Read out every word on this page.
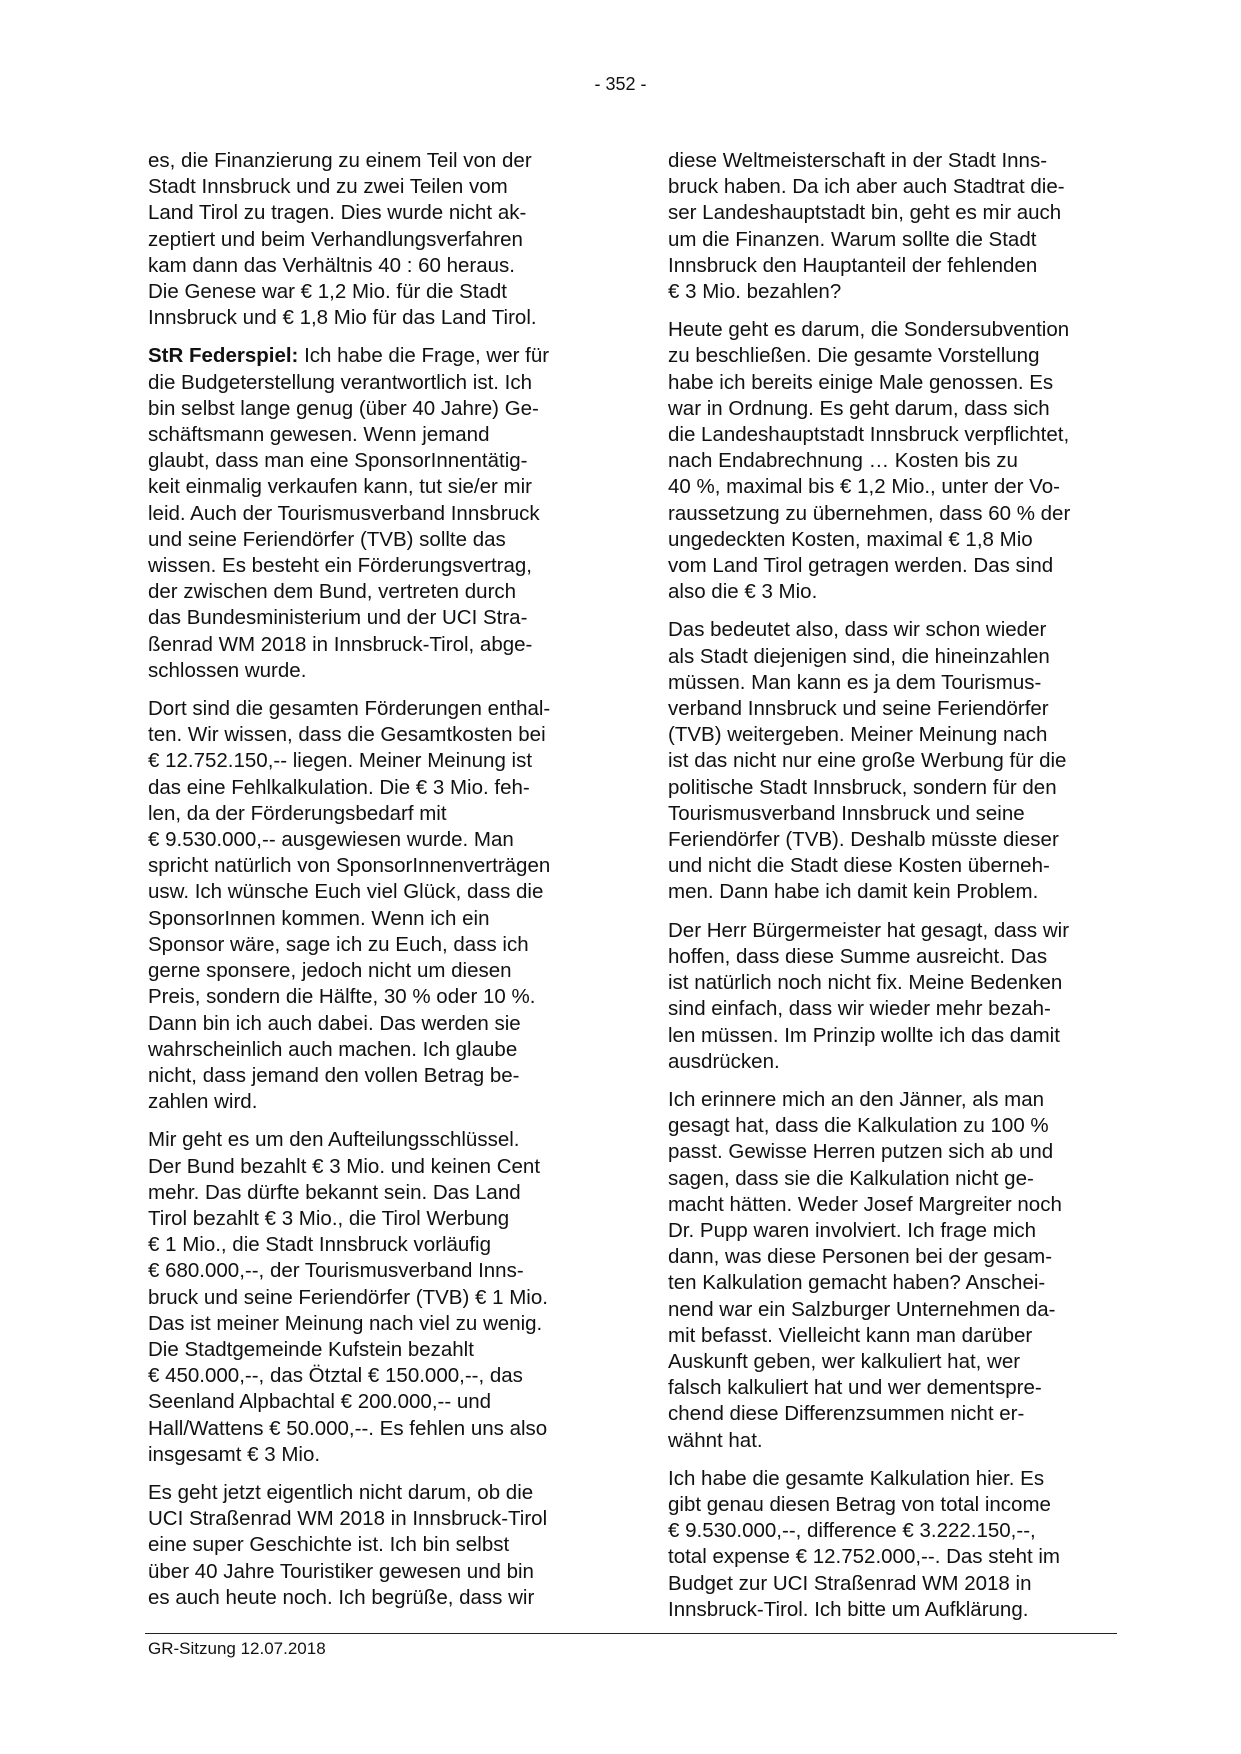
- 352 -
es, die Finanzierung zu einem Teil von der
Stadt Innsbruck und zu zwei Teilen vom
Land Tirol zu tragen. Dies wurde nicht ak-
zeptiert und beim Verhandlungsverfahren
kam dann das Verhältnis 40 : 60 heraus.
Die Genese war € 1,2 Mio. für die Stadt
Innsbruck und € 1,8 Mio für das Land Tirol.
StR Federspiel: Ich habe die Frage, wer für
die Budgeterstellung verantwortlich ist. Ich
bin selbst lange genug (über 40 Jahre) Ge-
schäftsmann gewesen. Wenn jemand
glaubt, dass man eine SponsorInnentätig-
keit einmalig verkaufen kann, tut sie/er mir
leid. Auch der Tourismusverband Innsbruck
und seine Feriendörfer (TVB) sollte das
wissen. Es besteht ein Förderungsvertrag,
der zwischen dem Bund, vertreten durch
das Bundesministerium und der UCI Stra-
ßenrad WM 2018 in Innsbruck-Tirol, abge-
schlossen wurde.
Dort sind die gesamten Förderungen enthal-
ten. Wir wissen, dass die Gesamtkosten bei
€ 12.752.150,-- liegen. Meiner Meinung ist
das eine Fehlkalkulation. Die € 3 Mio. feh-
len, da der Förderungsbedarf mit
€ 9.530.000,-- ausgewiesen wurde. Man
spricht natürlich von SponsorInnenverträgen
usw. Ich wünsche Euch viel Glück, dass die
SponsorInnen kommen. Wenn ich ein
Sponsor wäre, sage ich zu Euch, dass ich
gerne sponsere, jedoch nicht um diesen
Preis, sondern die Hälfte, 30 % oder 10 %.
Dann bin ich auch dabei. Das werden sie
wahrscheinlich auch machen. Ich glaube
nicht, dass jemand den vollen Betrag be-
zahlen wird.
Mir geht es um den Aufteilungsschlüssel.
Der Bund bezahlt € 3 Mio. und keinen Cent
mehr. Das dürfte bekannt sein. Das Land
Tirol bezahlt € 3 Mio., die Tirol Werbung
€ 1 Mio., die Stadt Innsbruck vorläufig
€ 680.000,--, der Tourismusverband Inns-
bruck und seine Feriendörfer (TVB) € 1 Mio.
Das ist meiner Meinung nach viel zu wenig.
Die Stadtgemeinde Kufstein bezahlt
€ 450.000,--, das Ötztal € 150.000,--, das
Seenland Alpbachtal € 200.000,-- und
Hall/Wattens € 50.000,--. Es fehlen uns also
insgesamt € 3 Mio.
Es geht jetzt eigentlich nicht darum, ob die
UCI Straßenrad WM 2018 in Innsbruck-Tirol
eine super Geschichte ist. Ich bin selbst
über 40 Jahre Touristiker gewesen und bin
es auch heute noch. Ich begrüße, dass wir
diese Weltmeisterschaft in der Stadt Inns-
bruck haben. Da ich aber auch Stadtrat die-
ser Landeshauptstadt bin, geht es mir auch
um die Finanzen. Warum sollte die Stadt
Innsbruck den Hauptanteil der fehlenden
€ 3 Mio. bezahlen?
Heute geht es darum, die Sondersubvention
zu beschließen. Die gesamte Vorstellung
habe ich bereits einige Male genossen. Es
war in Ordnung. Es geht darum, dass sich
die Landeshauptstadt Innsbruck verpflichtet,
nach Endabrechnung … Kosten bis zu
40 %, maximal bis € 1,2 Mio., unter der Vo-
raussetzung zu übernehmen, dass 60 % der
ungedeckten Kosten, maximal € 1,8 Mio
vom Land Tirol getragen werden. Das sind
also die € 3 Mio.
Das bedeutet also, dass wir schon wieder
als Stadt diejenigen sind, die hineinzahlen
müssen. Man kann es ja dem Tourismus-
verband Innsbruck und seine Feriendörfer
(TVB) weitergeben. Meiner Meinung nach
ist das nicht nur eine große Werbung für die
politische Stadt Innsbruck, sondern für den
Tourismusverband Innsbruck und seine
Feriendörfer (TVB). Deshalb müsste dieser
und nicht die Stadt diese Kosten überneh-
men. Dann habe ich damit kein Problem.
Der Herr Bürgermeister hat gesagt, dass wir
hoffen, dass diese Summe ausreicht. Das
ist natürlich noch nicht fix. Meine Bedenken
sind einfach, dass wir wieder mehr bezah-
len müssen. Im Prinzip wollte ich das damit
ausdrücken.
Ich erinnere mich an den Jänner, als man
gesagt hat, dass die Kalkulation zu 100 %
passt. Gewisse Herren putzen sich ab und
sagen, dass sie die Kalkulation nicht ge-
macht hätten. Weder Josef Margreiter noch
Dr. Pupp waren involviert. Ich frage mich
dann, was diese Personen bei der gesam-
ten Kalkulation gemacht haben? Anschei-
nend war ein Salzburger Unternehmen da-
mit befasst. Vielleicht kann man darüber
Auskunft geben, wer kalkuliert hat, wer
falsch kalkuliert hat und wer dementspre-
chend diese Differenzsummen nicht er-
wähnt hat.
Ich habe die gesamte Kalkulation hier. Es
gibt genau diesen Betrag von total income
€ 9.530.000,--, difference € 3.222.150,--,
total expense € 12.752.000,--. Das steht im
Budget zur UCI Straßenrad WM 2018 in
Innsbruck-Tirol. Ich bitte um Aufklärung.
GR-Sitzung 12.07.2018
